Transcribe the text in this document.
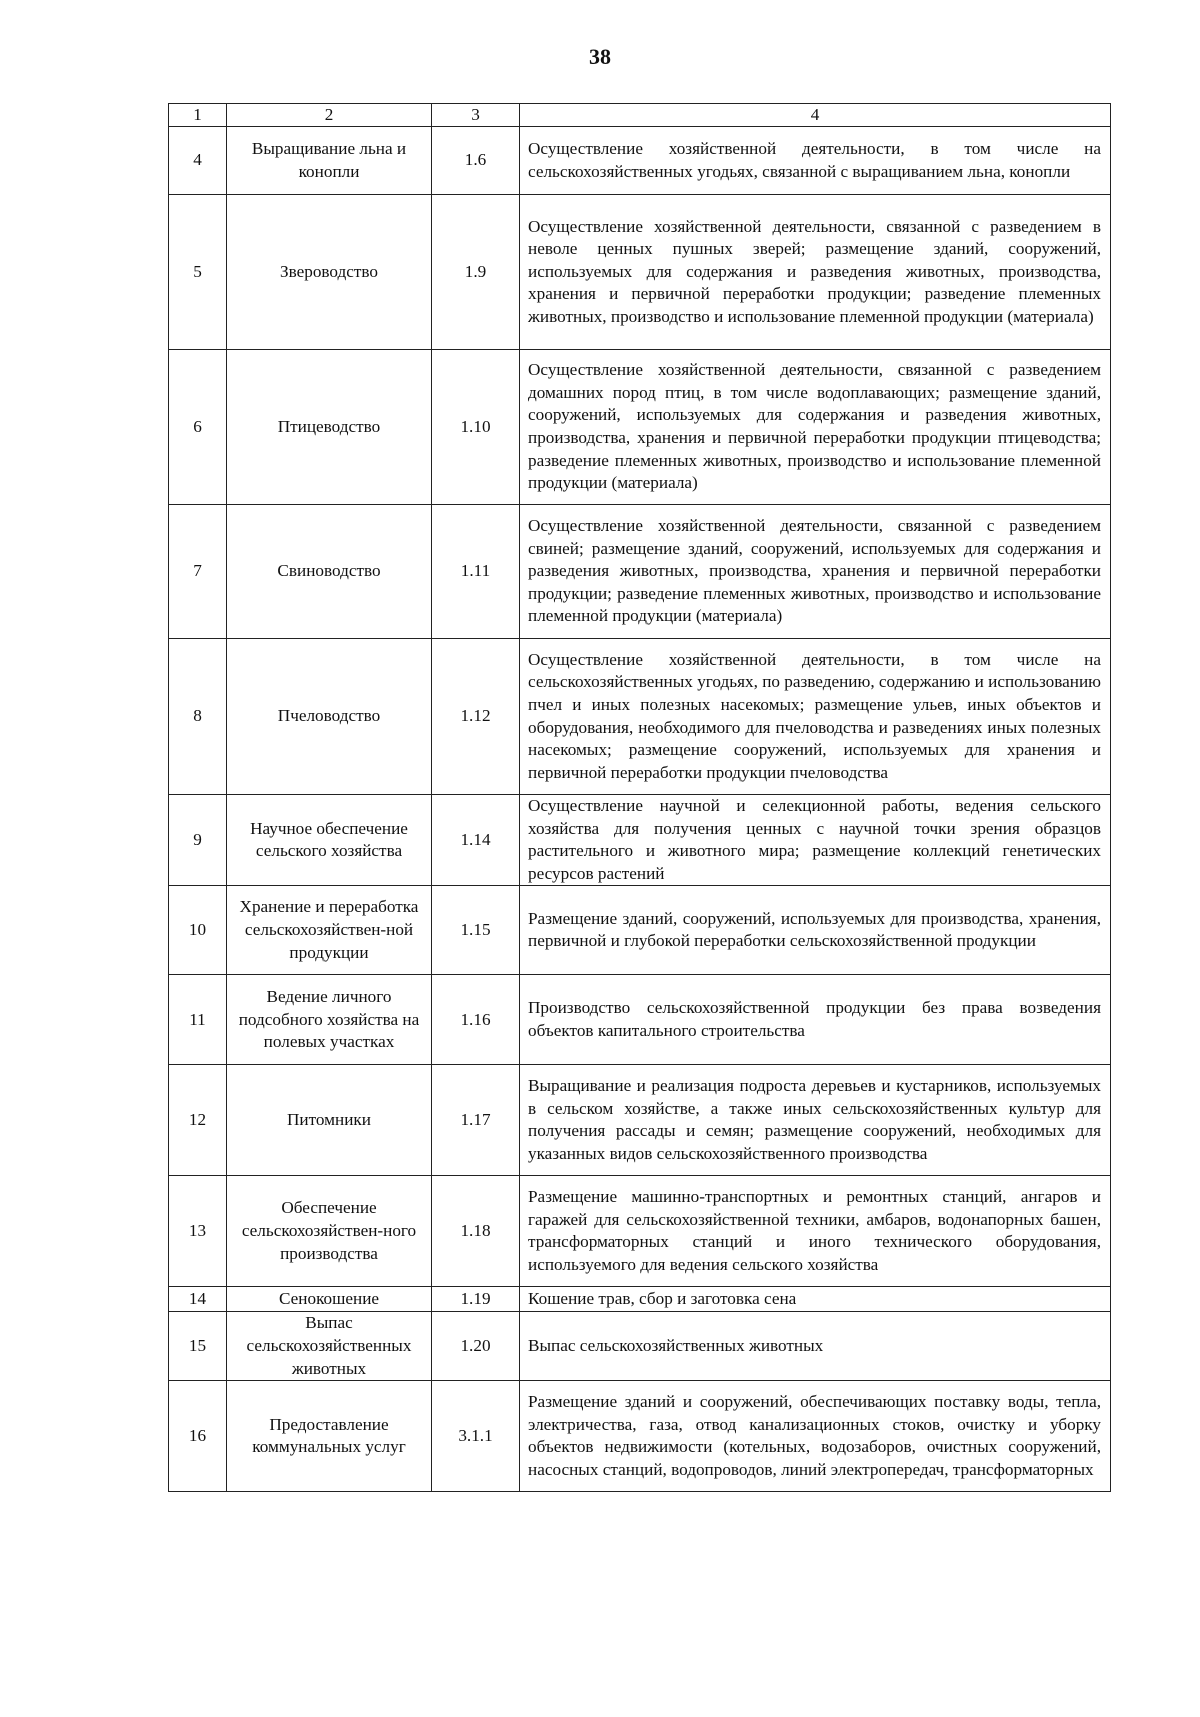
38
1	2	3	4
4	Выращивание льна и конопли	1.6	Осуществление хозяйственной деятельности, в том числе на сельскохозяйственных угодьях, связанной с выращиванием льна, конопли
5	Звероводство	1.9	Осуществление хозяйственной деятельности, связанной с разведением в неволе ценных пушных зверей; размещение зданий, сооружений, используемых для содержания и разведения животных, производства, хранения и первичной переработки продукции; разведение племенных животных, производство и использование племенной продукции (материала)
6	Птицеводство	1.10	Осуществление хозяйственной деятельности, связанной с разведением домашних пород птиц, в том числе водоплавающих; размещение зданий, сооружений, используемых для содержания и разведения животных, производства, хранения и первичной переработки продукции птицеводства; разведение племенных животных, производство и использование племенной продукции (материала)
7	Свиноводство	1.11	Осуществление хозяйственной деятельности, связанной с разведением свиней; размещение зданий, сооружений, используемых для содержания и разведения животных, производства, хранения и первичной переработки продукции; разведение племенных животных, производство и использование племенной продукции (материала)
8	Пчеловодство	1.12	Осуществление хозяйственной деятельности, в том числе на сельскохозяйственных угодьях, по разведению, содержанию и использованию пчел и иных полезных насекомых; размещение ульев, иных объектов и оборудования, необходимого для пчеловодства и разведениях иных полезных насекомых; размещение сооружений, используемых для хранения и первичной переработки продукции пчеловодства
9	Научное обеспечение сельского хозяйства	1.14	Осуществление научной и селекционной работы, ведения сельского хозяйства для получения ценных с научной точки зрения образцов растительного и животного мира; размещение коллекций генетических ресурсов растений
10	Хранение и переработка сельскохозяйствен-ной продукции	1.15	Размещение зданий, сооружений, используемых для производства, хранения, первичной и глубокой переработки сельскохозяйственной продукции
11	Ведение личного подсобного хозяйства на полевых участках	1.16	Производство сельскохозяйственной продукции без права возведения объектов капитального строительства
12	Питомники	1.17	Выращивание и реализация подроста деревьев и кустарников, используемых в сельском хозяйстве, а также иных сельскохозяйственных культур для получения рассады и семян; размещение сооружений, необходимых для указанных видов сельскохозяйственного производства
13	Обеспечение сельскохозяйствен-ного производства	1.18	Размещение машинно-транспортных и ремонтных станций, ангаров и гаражей для сельскохозяйственной техники, амбаров, водонапорных башен, трансформаторных станций и иного технического оборудования, используемого для ведения сельского хозяйства
14	Сенокошение	1.19	Кошение трав, сбор и заготовка сена
15	Выпас сельскохозяйственных животных	1.20	Выпас сельскохозяйственных животных
16	Предоставление коммунальных услуг	3.1.1	Размещение зданий и сооружений, обеспечивающих поставку воды, тепла, электричества, газа, отвод канализационных стоков, очистку и уборку объектов недвижимости (котельных, водозаборов, очистных сооружений, насосных станций, водопроводов, линий электропередач, трансформаторных
